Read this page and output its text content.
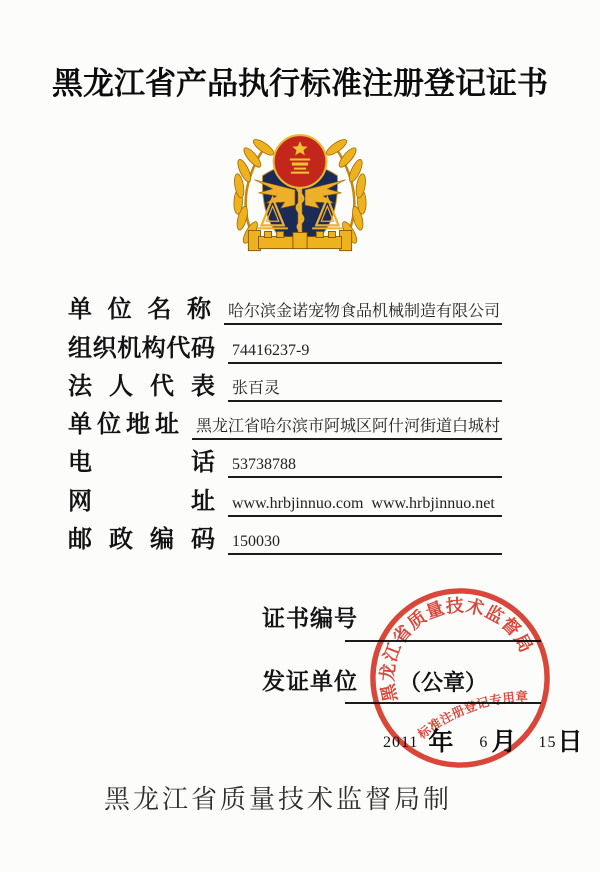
黑龙江省产品执行标准注册登记证书
单位名称 哈尔滨金诺宠物食品机械制造有限公司
组织机构代码 74416237-9
法人代表 张百灵
单位地址 黑龙江省哈尔滨市阿城区阿什河街道白城村
电话 53738788
网址 www.hrbjinnuo.com  www.hrbjinnuo.net
邮政编码 150030
证书编号
发证单位	（公章）
2011 年 6 月 15 日
黑龙江省质量技术监督局
标准注册登记专用章
黑龙江省质量技术监督局制
